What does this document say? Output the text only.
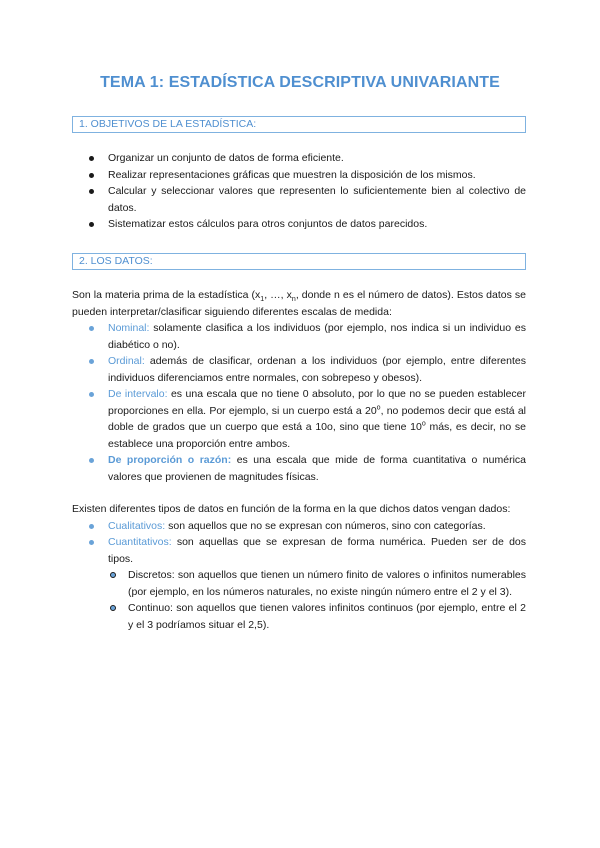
TEMA 1: ESTADÍSTICA DESCRIPTIVA UNIVARIANTE
1. OBJETIVOS DE LA ESTADÍSTICA:
Organizar un conjunto de datos de forma eficiente.
Realizar representaciones gráficas que muestren la disposición de los mismos.
Calcular y seleccionar valores que representen lo suficientemente bien al colectivo de datos.
Sistematizar estos cálculos para otros conjuntos de datos parecidos.
2. LOS DATOS:

Son la materia prima de la estadística ($x_1$, …, $x_n$, donde n es el número de datos). Estos datos se pueden interpretar/clasificar siguiendo diferentes escalas de medida:

Nominal: solamente clasifica a los individuos (por ejemplo, nos indica si un individuo es diabético o no).
Ordinal: además de clasificar, ordenan a los individuos (por ejemplo, entre diferentes individuos diferenciamos entre normales, con sobrepeso y obesos).
De intervalo: es una escala que no tiene 0 absoluto, por lo que no se pueden establecer proporciones en ella. Por ejemplo, si un cuerpo está a 20$^o$, no podemos decir que está al doble de grados que un cuerpo que está a 10o, sino que tiene 10$^o$ más, es decir, no se establece una proporción entre ambos.
De proporción o razón: es una escala que mide de forma cuantitativa o numérica valores que provienen de magnitudes físicas.

Existen diferentes tipos de datos en función de la forma en la que dichos datos vengan dados:

Cualitativos: son aquellos que no se expresan con números, sino con categorías.
Cuantitativos: son aquellas que se expresan de forma numérica. Pueden ser de dos tipos.
Discretos: son aquellos que tienen un número finito de valores o infinitos numerables (por ejemplo, en los números naturales, no existe ningún número entre el 2 y el 3).
Continuo: son aquellos que tienen valores infinitos continuos (por ejemplo, entre el 2 y el 3 podríamos situar el 2,5).
